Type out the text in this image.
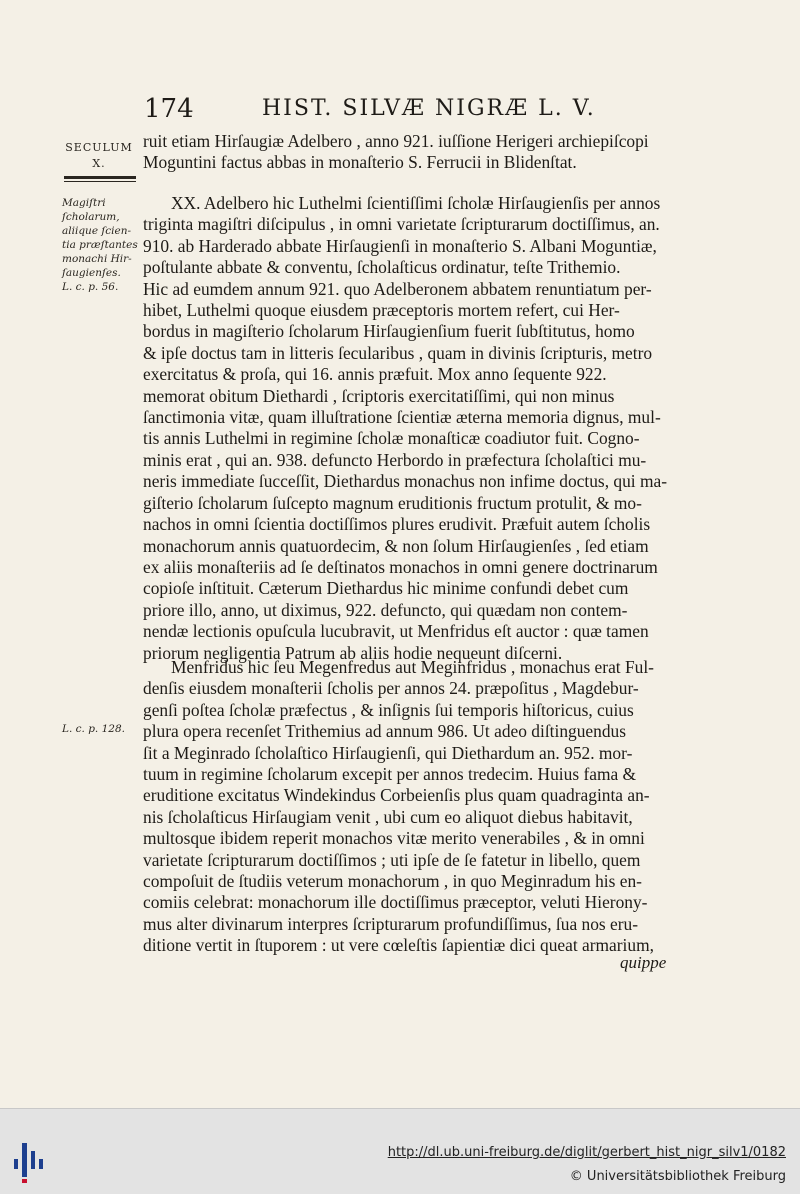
174	HIST. SILVÆ NIGRÆ L. V.
SECULUM
X.
Magiſtri
ſcholarum,
aliique ſcien-
tia præſtantes
monachi Hir-
ſaugienſes.
L. c. p. 56.
L. c. p. 128.
ruit etiam Hirſaugiæ Adelbero , anno 921. iuſſione Herigeri archiepiſcopi
Moguntini factus abbas in monaſterio S. Ferrucii in Blidenſtat.
XX. Adelbero hic Luthelmi ſcientiſſimi ſcholæ Hirſaugienſis per annos
triginta magiſtri diſcipulus , in omni varietate ſcripturarum doctiſſimus, an.
910. ab Harderado abbate Hirſaugienſi in monaſterio S. Albani Moguntiæ,
poſtulante abbate & conventu, ſcholaſticus ordinatur, teſte Trithemio.
Hic ad eumdem annum 921. quo Adelberonem abbatem renuntiatum per-
hibet, Luthelmi quoque eiusdem præceptoris mortem refert, cui Her-
bordus in magiſterio ſcholarum Hirſaugienſium fuerit ſubſtitutus, homo
& ipſe doctus tam in litteris ſecularibus , quam in divinis ſcripturis, metro
exercitatus & proſa, qui 16. annis præfuit. Mox anno ſequente 922.
memorat obitum Diethardi , ſcriptoris exercitatiſſimi, qui non minus
ſanctimonia vitæ, quam illuſtratione ſcientiæ æterna memoria dignus, mul-
tis annis Luthelmi in regimine ſcholæ monaſticæ coadiutor fuit. Cogno-
minis erat , qui an. 938. defuncto Herbordo in præfectura ſcholaſtici mu-
neris immediate ſucceſſit, Diethardus monachus non infime doctus, qui ma-
giſterio ſcholarum ſuſcepto magnum eruditionis fructum protulit, & mo-
nachos in omni ſcientia doctiſſimos plures erudivit. Præfuit autem ſcholis
monachorum annis quatuordecim, & non ſolum Hirſaugienſes , ſed etiam
ex aliis monaſteriis ad ſe deſtinatos monachos in omni genere doctrinarum
copioſe inſtituit. Cæterum Diethardus hic minime confundi debet cum
priore illo, anno, ut diximus, 922. defuncto, qui quædam non contem-
nendæ lectionis opuſcula lucubravit, ut Menfridus eſt auctor : quæ tamen
priorum negligentia Patrum ab aliis hodie nequeunt diſcerni.
Menfridus hic ſeu Megenfredus aut Meginfridus , monachus erat Ful-
denſis eiusdem monaſterii ſcholis per annos 24. præpoſitus , Magdebur-
genſi poſtea ſcholæ præfectus , & inſignis ſui temporis hiſtoricus, cuius
plura opera recenſet Trithemius ad annum 986. Ut adeo diſtinguendus
ſit a Meginrado ſcholaſtico Hirſaugienſi, qui Diethardum an. 952. mor-
tuum in regimine ſcholarum excepit per annos tredecim. Huius fama &
eruditione excitatus Windekindus Corbeienſis plus quam quadraginta an-
nis ſcholaſticus Hirſaugiam venit , ubi cum eo aliquot diebus habitavit,
multosque ibidem reperit monachos vitæ merito venerabiles , & in omni
varietate ſcripturarum doctiſſimos ; uti ipſe de ſe fatetur in libello, quem
compoſuit de ſtudiis veterum monachorum , in quo Meginradum his en-
comiis celebrat: monachorum ille doctiſſimus præceptor, veluti Hierony-
mus alter divinarum interpres ſcripturarum profundiſſimus, ſua nos eru-
ditione vertit in ſtuporem : ut vere cœleſtis ſapientiæ dici queat armarium,
quippe
http://dl.ub.uni-freiburg.de/diglit/gerbert_hist_nigr_silv1/0182
© Universitätsbibliothek Freiburg
